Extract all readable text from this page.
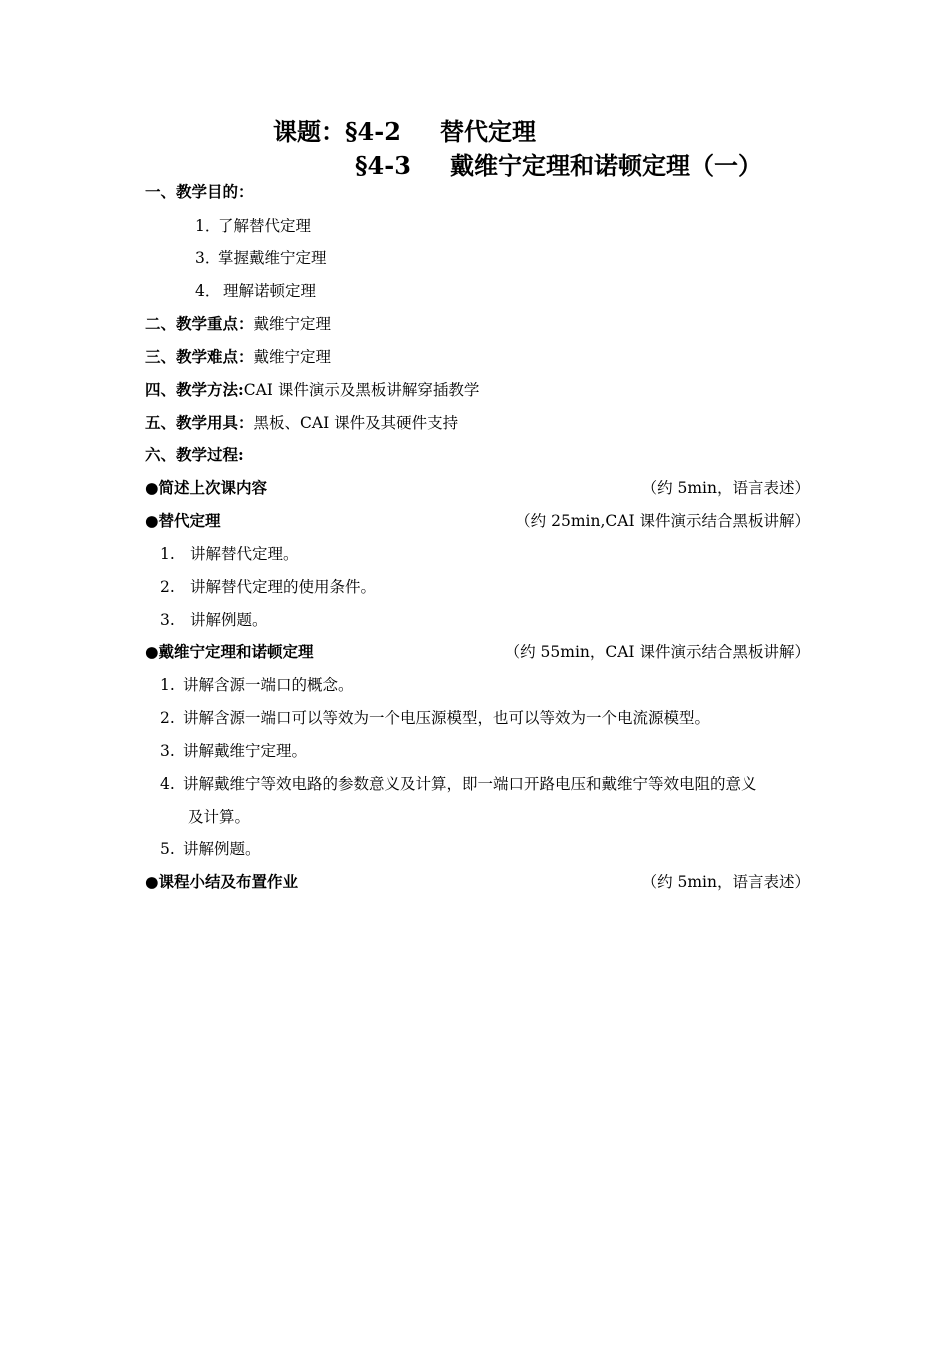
课题：§4-2 替代定理
§4-3 戴维宁定理和诺顿定理（一）
一、教学目的：
1．了解替代定理
3．掌握戴维宁定理
4． 理解诺顿定理
二、教学重点：戴维宁定理
三、教学难点：戴维宁定理
四、教学方法:CAI 课件演示及黑板讲解穿插教学
五、教学用具：黑板、CAI 课件及其硬件支持
六、教学过程:
●简述上次课内容	（约 5min，语言表述）
●替代定理	（约 25min,CAI 课件演示结合黑板讲解）
1. 讲解替代定理。
2. 讲解替代定理的使用条件。
3. 讲解例题。
●戴维宁定理和诺顿定理	（约 55min，CAI 课件演示结合黑板讲解）
1. 讲解含源一端口的概念。
2. 讲解含源一端口可以等效为一个电压源模型，也可以等效为一个电流源模型。
3. 讲解戴维宁定理。
4. 讲解戴维宁等效电路的参数意义及计算，即一端口开路电压和戴维宁等效电阻的意义
及计算。
5. 讲解例题。
●课程小结及布置作业	（约 5min，语言表述）
